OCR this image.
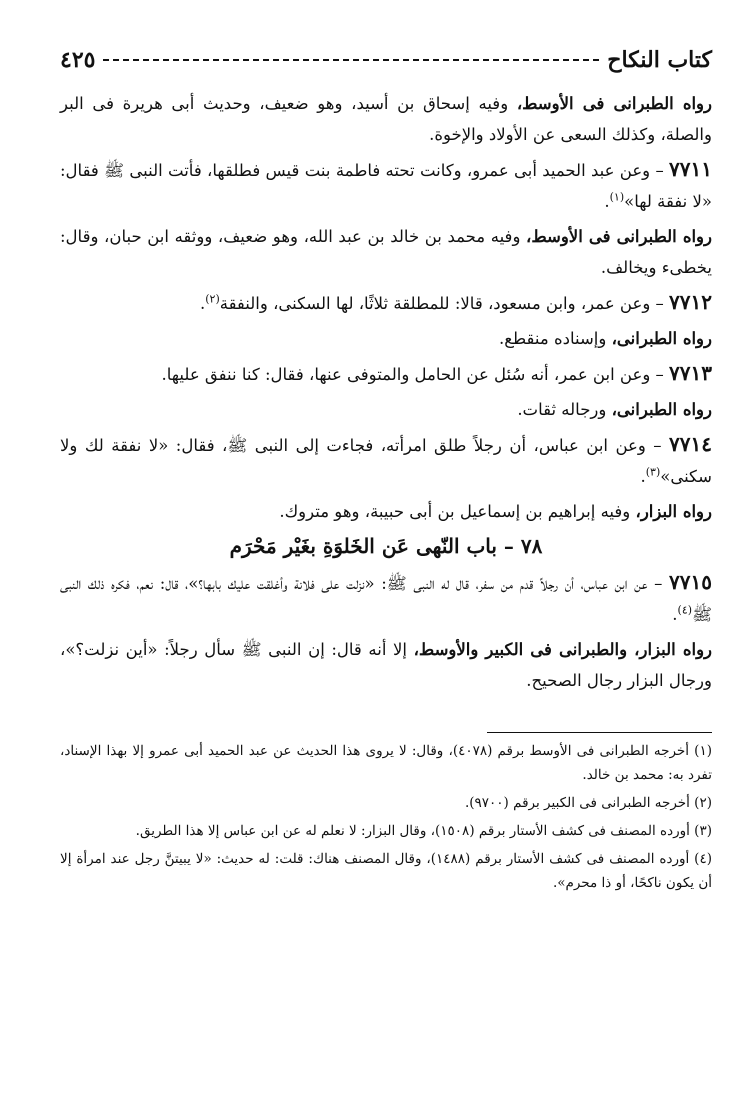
كتاب النكاح
٤٢٥

رواه الطبرانى فى الأوسط، وفيه إسحاق بن أسيد، وهو ضعيف، وحديث أبى هريرة فى البر والصلة، وكذلك السعى عن الأولاد والإخوة.

٧٧١١ – وعن عبد الحميد أبى عمرو، وكانت تحته فاطمة بنت قيس فطلقها، فأتت النبى ﷺ فقال: «لا نفقة لها»$^{(١)}$.

رواه الطبرانى فى الأوسط، وفيه محمد بن خالد بن عبد الله، وهو ضعيف، ووثقه ابن حبان، وقال: يخطىء ويخالف.

٧٧١٢ – وعن عمر، وابن مسعود، قالا: للمطلقة ثلاثًا، لها السكنى، والنفقة$^{(٢)}$.

رواه الطبرانى، وإسناده منقطع.

٧٧١٣ – وعن ابن عمر، أنه سُئل عن الحامل والمتوفى عنها، فقال: كنا ننفق عليها.

رواه الطبرانى، ورجاله ثقات.

٧٧١٤ – وعن ابن عباس، أن رجلاً طلق امرأته، فجاءت إلى النبى ﷺ، فقال: «لا نفقة لك ولا سكنى»$^{(٣)}$.

رواه البزار، وفيه إبراهيم بن إسماعيل بن أبى حبيبة، وهو متروك.

٧٨ – باب النّهى عَن الخَلوَةِ بغَيْر مَحْرَم

٧٧١٥ – عن ابن عباس، أن رجلاً قدم من سفر، قال له النبى ﷺ: «نزلت على فلانة وأغلقت عليك بابها؟»، قال: نعم، فكره ذلك النبى ﷺ$^{(٤)}$.

رواه البزار، والطبرانى فى الكبير والأوسط، إلا أنه قال: إن النبى ﷺ سأل رجلاً: «أين نزلت؟»، ورجال البزار رجال الصحيح.

(١) أخرجه الطبرانى فى الأوسط برقم (٤٠٧٨)، وقال: لا يروى هذا الحديث عن عبد الحميد أبى عمرو إلا بهذا الإسناد، تفرد به: محمد بن خالد.

(٢) أخرجه الطبرانى فى الكبير برقم (٩٧٠٠).

(٣) أورده المصنف فى كشف الأستار برقم (١٥٠٨)، وقال البزار: لا نعلم له عن ابن عباس إلا هذا الطريق.

(٤) أورده المصنف فى كشف الأستار برقم (١٤٨٨)، وقال المصنف هناك: قلت: له حديث: «لا يبيتنَّ رجل عند امرأة إلا أن يكون ناكحًا، أو ذا محرم».
